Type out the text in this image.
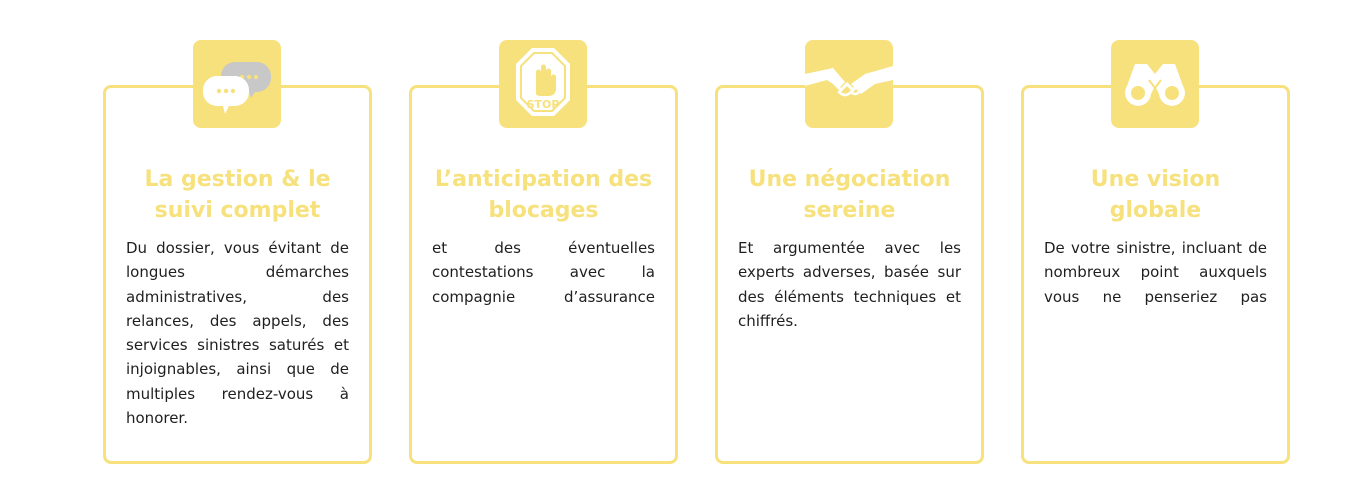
La gestion & le suivi complet
Du dossier, vous évitant de longues démarches administratives, des relances, des appels, des services sinistres saturés et injoignables, ainsi que de multiples rendez-vous à honorer.
L’anticipation des blocages
et des éventuelles contestations avec la compagnie d’assurance
STOP
Une négociation sereine
Et argumentée avec les experts adverses, basée sur des éléments techniques et chiffrés.
Une vision globale
De votre sinistre, incluant de nombreux point auxquels vous ne penseriez pas
